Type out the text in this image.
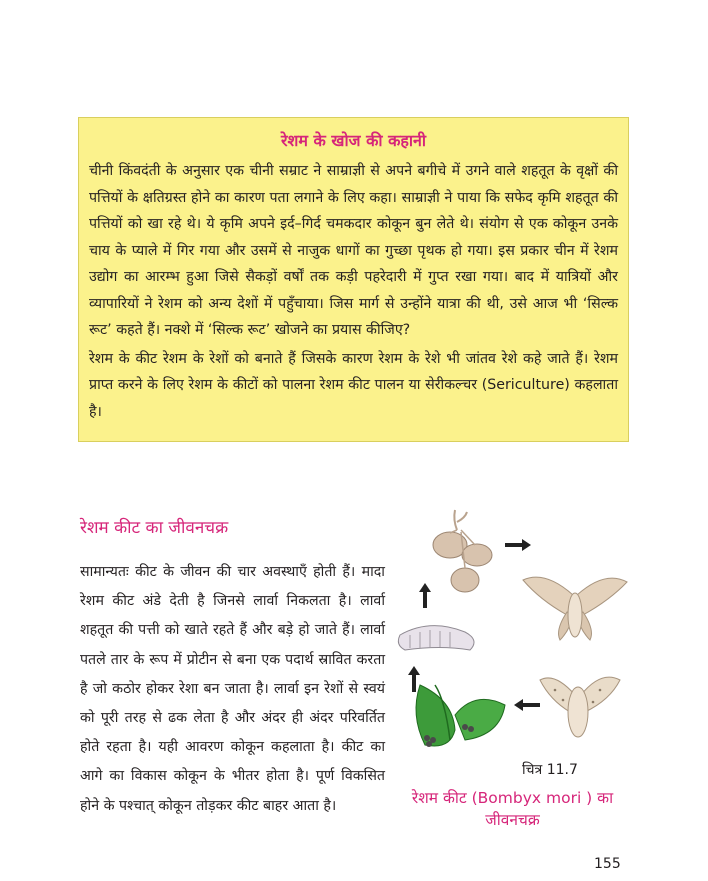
रेशम के खोज की कहानी

चीनी किंवदंती के अनुसार एक चीनी सम्राट ने साम्राज्ञी से अपने बगीचे में उगने वाले शहतूत के वृक्षों की पत्तियों के क्षतिग्रस्त होने का कारण पता लगाने के लिए कहा। साम्राज्ञी ने पाया कि सफेद कृमि शहतूत की पत्तियों को खा रहे थे। ये कृमि अपने इर्द–गिर्द चमकदार कोकून बुन लेते थे। संयोग से एक कोकून उनके चाय के प्याले में गिर गया और उसमें से नाजुक धागों का गुच्छा पृथक हो गया। इस प्रकार चीन में रेशम उद्योग का आरम्भ हुआ जिसे सैकड़ों वर्षों तक कड़ी पहरेदारी में गुप्त रखा गया। बाद में यात्रियों और व्यापारियों ने रेशम को अन्य देशों में पहुँचाया। जिस मार्ग से उन्होंने यात्रा की थी, उसे आज भी ‘सिल्क रूट’ कहते हैं। नक्शे में ‘सिल्क रूट’ खोजने का प्रयास कीजिए?

रेशम के कीट रेशम के रेशों को बनाते हैं जिसके कारण रेशम के रेशे भी जांतव रेशे कहे जाते हैं। रेशम प्राप्त करने के लिए रेशम के कीटों को पालना रेशम कीट पालन या सेरीकल्चर (Sericulture) कहलाता है।

रेशम कीट का जीवनचक्र

सामान्यतः कीट के जीवन की चार अवस्थाएँ होती हैं। मादा रेशम कीट अंडे देती है जिनसे लार्वा निकलता है। लार्वा शहतूत की पत्ती को खाते रहते हैं और बड़े हो जाते हैं। लार्वा पतले तार के रूप में प्रोटीन से बना एक पदार्थ स्रावित करता है जो कठोर होकर रेशा बन जाता है। लार्वा इन रेशों से स्वयं को पूरी तरह से ढक लेता है और अंदर ही अंदर परिवर्तित होते रहता है। यही आवरण कोकून कहलाता है। कीट का आगे का विकास कोकून के भीतर होता है। पूर्ण विकसित होने के पश्चात् कोकून तोड़कर कीट बाहर आता है।

चित्र 11.7

रेशम कीट (Bombyx mori ) का जीवनचक्र

155
